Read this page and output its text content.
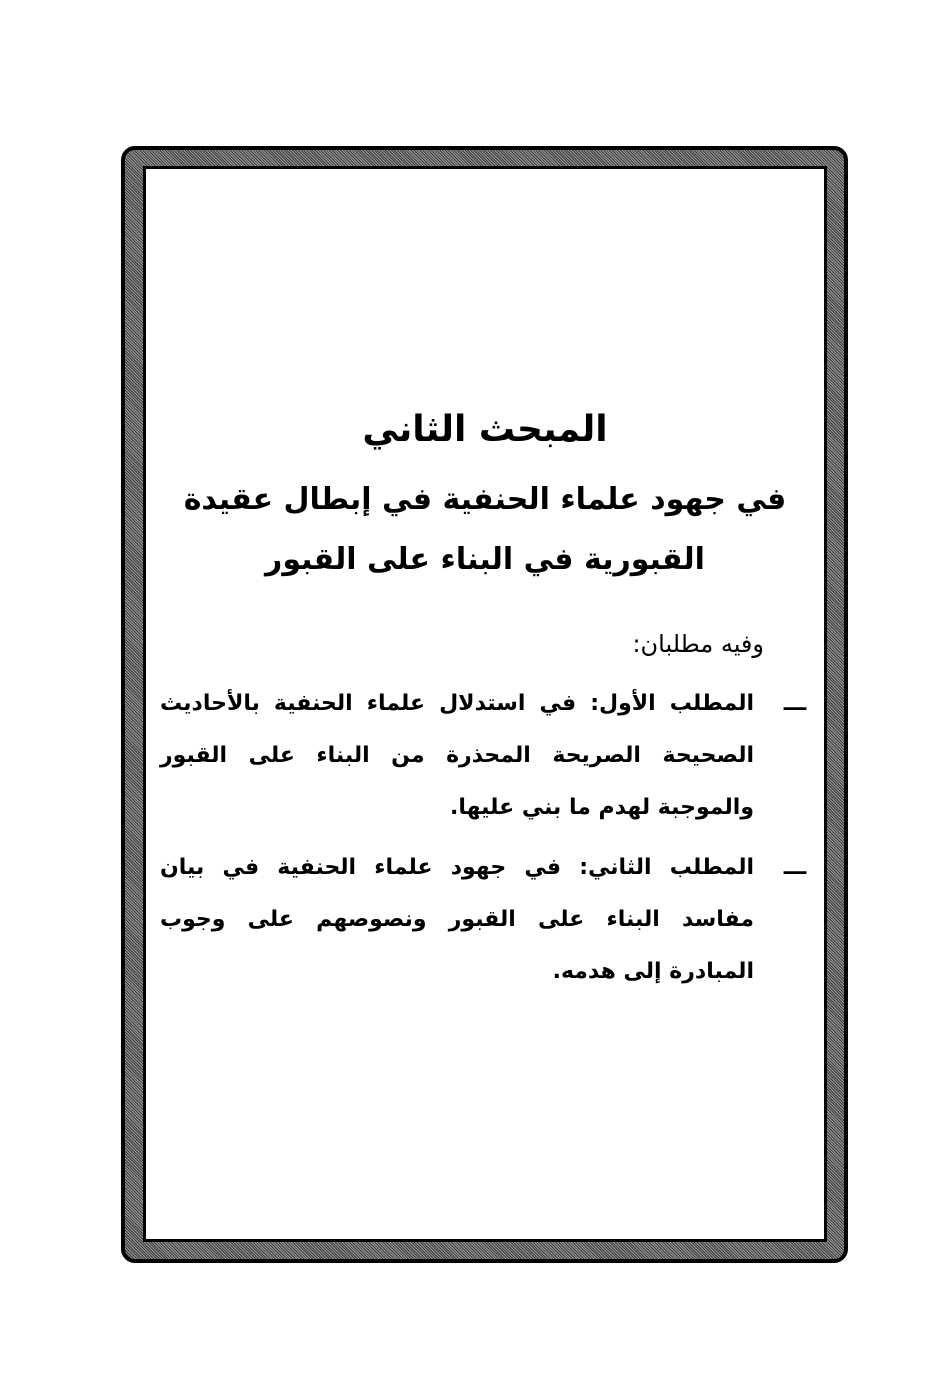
المبحث الثاني
في جهود علماء الحنفية في إبطال عقيدة القبورية في البناء على القبور

وفيه مطلبان:

ـــ
المطلب الأول: في استدلال علماء الحنفية بالأحاديث الصحيحة الصريحة المحذرة من البناء على القبور والموجبة لهدم ما بني عليها.
ـــ
المطلب الثاني: في جهود علماء الحنفية في بيان مفاسد البناء على القبور ونصوصهم على وجوب المبادرة إلى هدمه.
